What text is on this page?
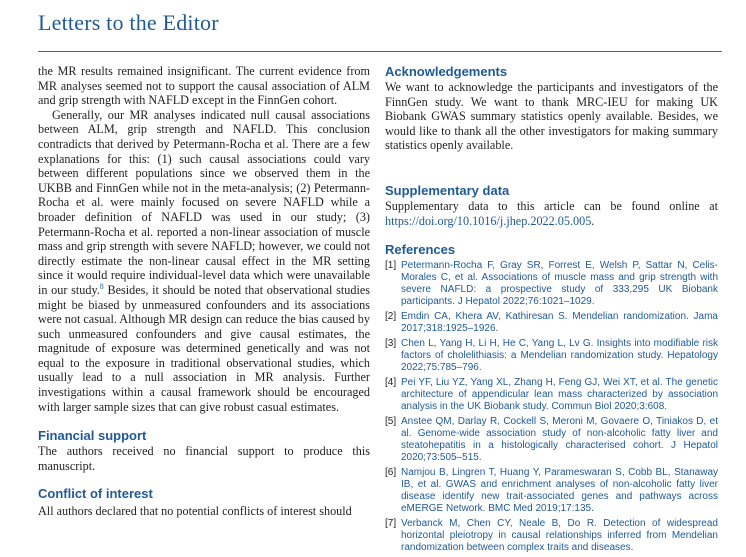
Letters to the Editor

the MR results remained insignificant. The current evidence from MR analyses seemed not to support the causal association of ALM and grip strength with NAFLD except in the FinnGen cohort.

Generally, our MR analyses indicated null causal associations between ALM, grip strength and NAFLD. This conclusion contradicts that derived by Petermann-Rocha et al. There are a few explanations for this: (1) such causal associations could vary between different populations since we observed them in the UKBB and FinnGen while not in the meta-analysis; (2) Petermann-Rocha et al. were mainly focused on severe NAFLD while a broader definition of NAFLD was used in our study; (3) Petermann-Rocha et al. reported a non-linear association of muscle mass and grip strength with severe NAFLD; however, we could not directly estimate the non-linear causal effect in the MR setting since it would require individual-level data which were unavailable in our study.$^8$ Besides, it should be noted that observational studies might be biased by unmeasured confounders and its associations were not casual. Although MR design can reduce the bias caused by such unmeasured confounders and give causal estimates, the magnitude of exposure was determined genetically and was not equal to the exposure in traditional observational studies, which usually lead to a null association in MR analysis. Further investigations within a causal framework should be encouraged with larger sample sizes that can give robust casual estimates.

Financial support

The authors received no financial support to produce this manuscript.

Conflict of interest

All authors declared that no potential conflicts of interest should

Acknowledgements

We want to acknowledge the participants and investigators of the FinnGen study. We want to thank MRC-IEU for making UK Biobank GWAS summary statistics openly available. Besides, we would like to thank all the other investigators for making summary statistics openly available.

Supplementary data

Supplementary data to this article can be found online at https://doi.org/10.1016/j.jhep.2022.05.005.

References
[1] Petermann-Rocha F, Gray SR, Forrest E, Welsh P, Sattar N, Celis-Morales C, et al. Associations of muscle mass and grip strength with severe NAFLD: a prospective study of 333,295 UK Biobank participants. J Hepatol 2022;76:1021–1029.
[2] Emdin CA, Khera AV, Kathiresan S. Mendelian randomization. Jama 2017;318:1925–1926.
[3] Chen L, Yang H, Li H, He C, Yang L, Lv G. Insights into modifiable risk factors of cholelithiasis: a Mendelian randomization study. Hepatology 2022;75:785–796.
[4] Pei YF, Liu YZ, Yang XL, Zhang H, Feng GJ, Wei XT, et al. The genetic architecture of appendicular lean mass characterized by association analysis in the UK Biobank study. Commun Biol 2020;3:608.
[5] Anstee QM, Darlay R, Cockell S, Meroni M, Govaere O, Tiniakos D, et al. Genome-wide association study of non-alcoholic fatty liver and steatohepatitis in a histologically characterised cohort. J Hepatol 2020;73:505–515.
[6] Namjou B, Lingren T, Huang Y, Parameswaran S, Cobb BL, Stanaway IB, et al. GWAS and enrichment analyses of non-alcoholic fatty liver disease identify new trait-associated genes and pathways across eMERGE Network. BMC Med 2019;17:135.
[7] Verbanck M, Chen CY, Neale B, Do R. Detection of widespread horizontal pleiotropy in causal relationships inferred from Mendelian randomization between complex traits and diseases.
